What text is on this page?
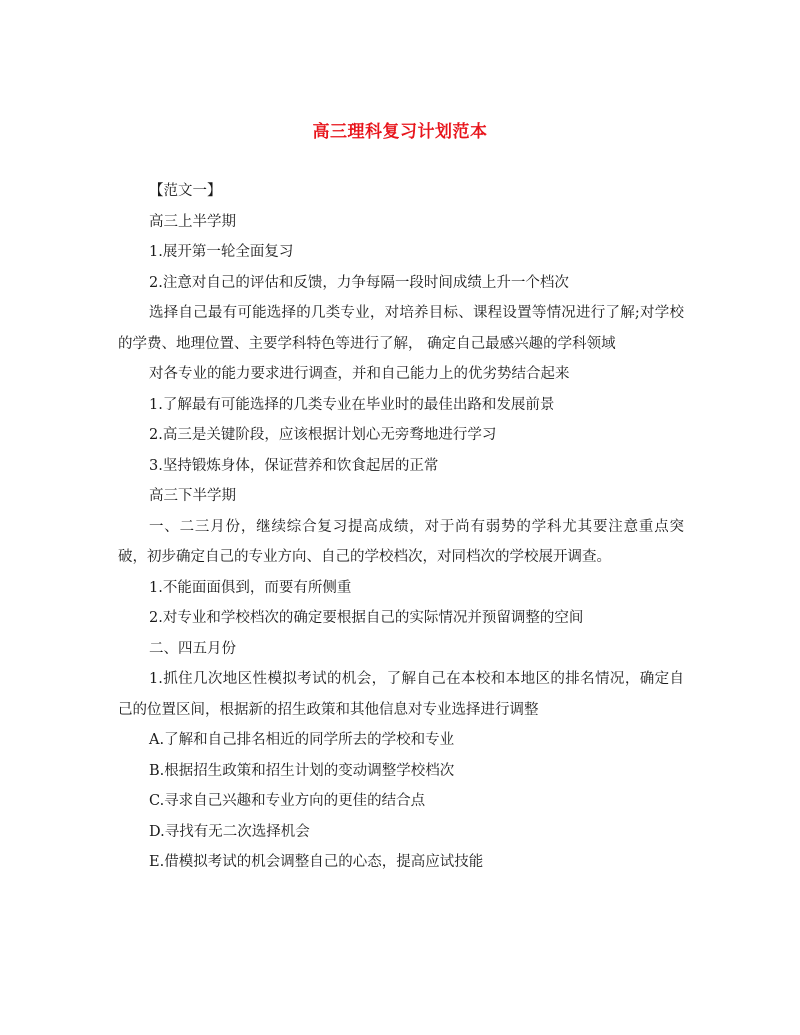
高三理科复习计划范本

【范文一】

高三上半学期

1.展开第一轮全面复习

2.注意对自己的评估和反馈，力争每隔一段时间成绩上升一个档次

选择自己最有可能选择的几类专业，对培养目标、课程设置等情况进行了解;对学校的学费、地理位置、主要学科特色等进行了解， 确定自己最感兴趣的学科领域

对各专业的能力要求进行调查，并和自己能力上的优劣势结合起来

1.了解最有可能选择的几类专业在毕业时的最佳出路和发展前景

2.高三是关键阶段，应该根据计划心无旁骛地进行学习

3.坚持锻炼身体，保证营养和饮食起居的正常

高三下半学期

一、二三月份，继续综合复习提高成绩，对于尚有弱势的学科尤其要注意重点突破，初步确定自己的专业方向、自己的学校档次，对同档次的学校展开调查。

1.不能面面俱到，而要有所侧重

2.对专业和学校档次的确定要根据自己的实际情况并预留调整的空间

二、四五月份

1.抓住几次地区性模拟考试的机会，了解自己在本校和本地区的排名情况，确定自己的位置区间，根据新的招生政策和其他信息对专业选择进行调整

A.了解和自己排名相近的同学所去的学校和专业

B.根据招生政策和招生计划的变动调整学校档次

C.寻求自己兴趣和专业方向的更佳的结合点

D.寻找有无二次选择机会

E.借模拟考试的机会调整自己的心态，提高应试技能
